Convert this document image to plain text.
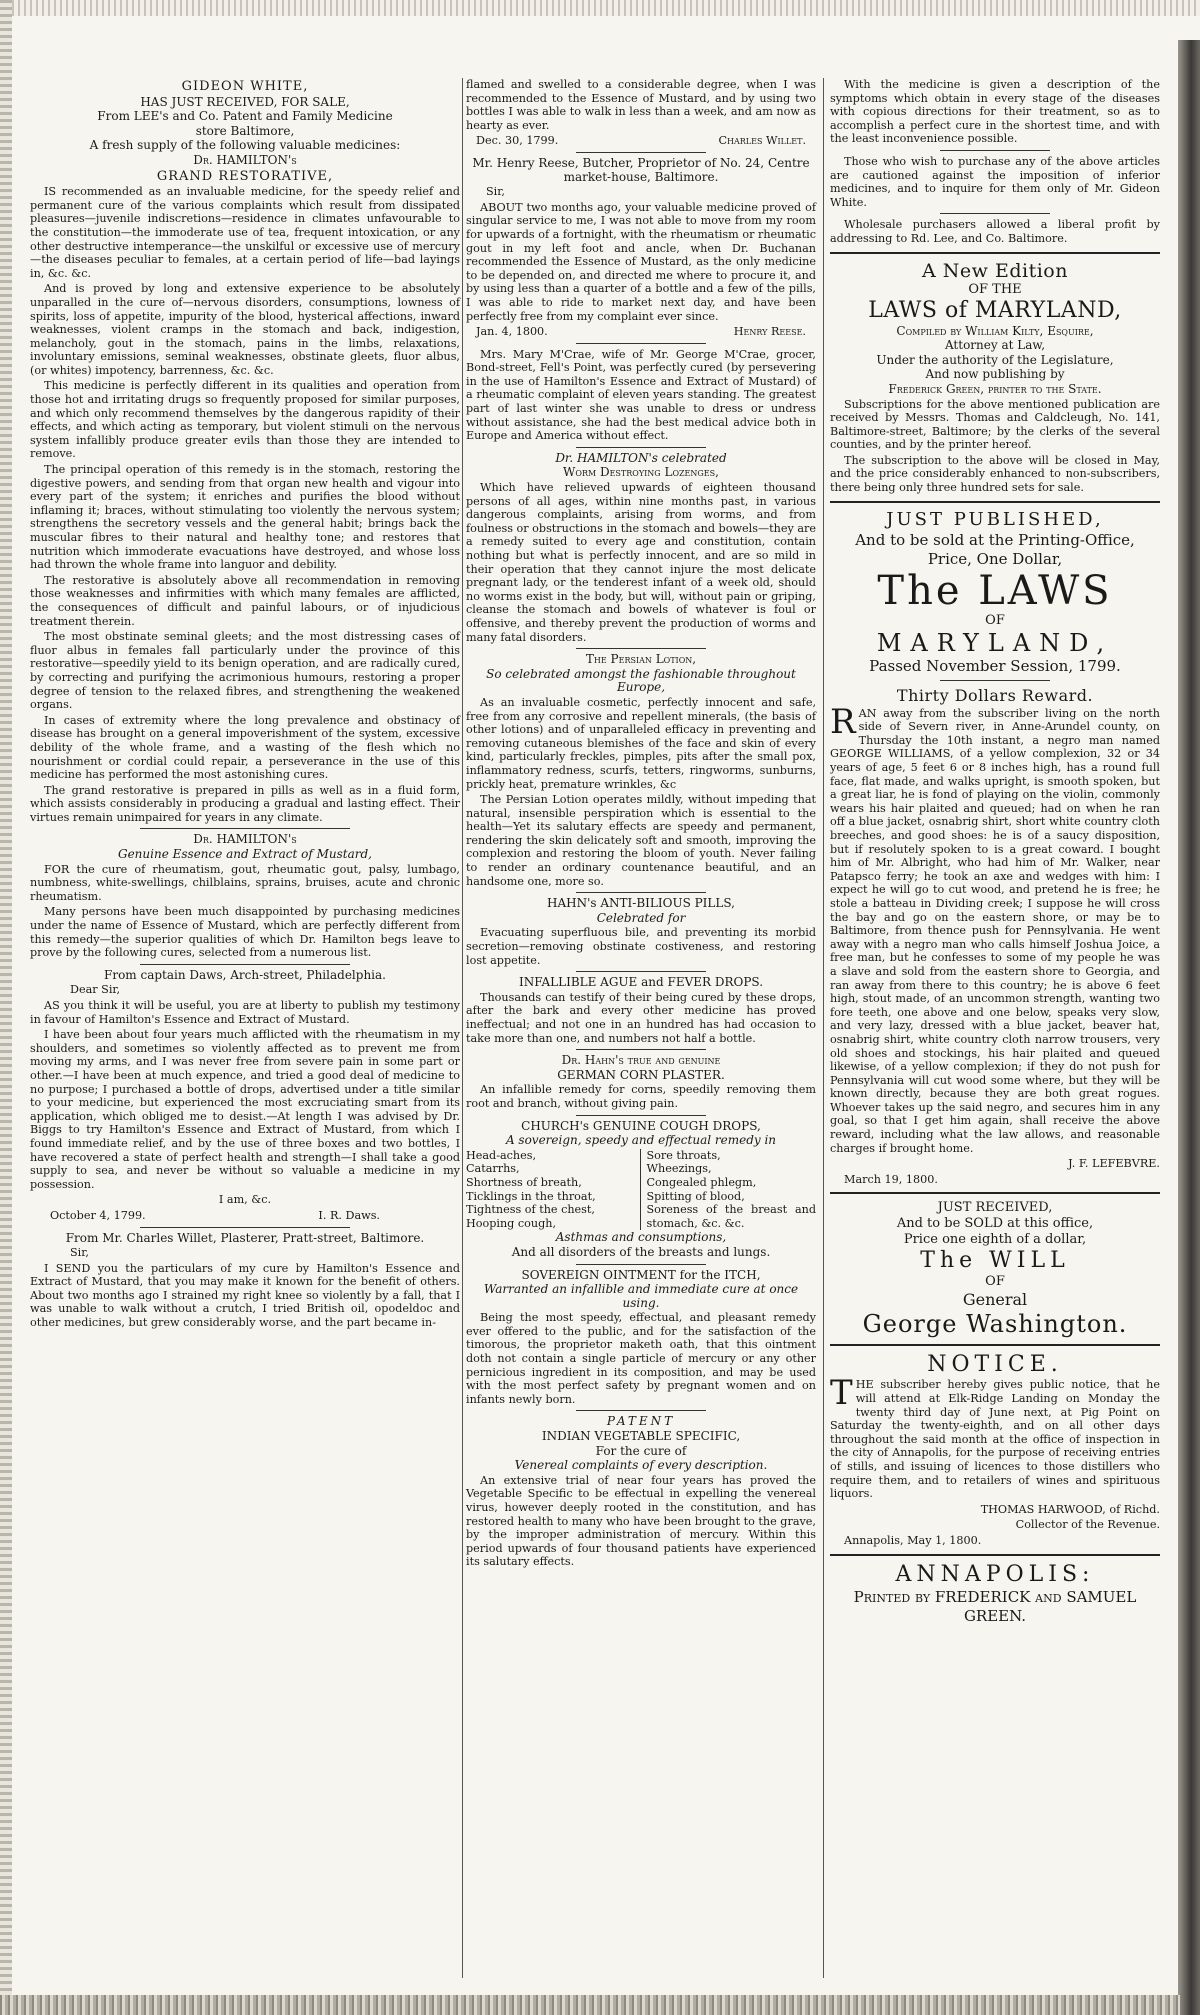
GIDEON WHITE,
HAS JUST RECEIVED, FOR SALE,
From LEE's and Co. Patent and Family Medicine
store Baltimore,
A fresh supply of the following valuable medicines:
Dr. HAMILTON's
GRAND RESTORATIVE,

IS recommended as an invaluable medicine, for the speedy relief and permanent cure of the various complaints which result from dissipated pleasures—juvenile indiscretions—residence in climates unfavourable to the constitution—the immoderate use of tea, frequent intoxication, or any other destructive intemperance—the unskilful or excessive use of mercury—the diseases peculiar to females, at a certain period of life—bad layings in, &c. &c.

And is proved by long and extensive experience to be absolutely unparalled in the cure of—nervous disorders, consumptions, lowness of spirits, loss of appetite, impurity of the blood, hysterical affections, inward weaknesses, violent cramps in the stomach and back, indigestion, melancholy, gout in the stomach, pains in the limbs, relaxations, involuntary emissions, seminal weaknesses, obstinate gleets, fluor albus, (or whites) impotency, barrenness, &c. &c.

This medicine is perfectly different in its qualities and operation from those hot and irritating drugs so frequently proposed for similar purposes, and which only recommend themselves by the dangerous rapidity of their effects, and which acting as temporary, but violent stimuli on the nervous system infallibly produce greater evils than those they are intended to remove.

The principal operation of this remedy is in the stomach, restoring the digestive powers, and sending from that organ new health and vigour into every part of the system; it enriches and purifies the blood without inflaming it; braces, without stimulating too violently the nervous system; strengthens the secretory vessels and the general habit; brings back the muscular fibres to their natural and healthy tone; and restores that nutrition which immoderate evacuations have destroyed, and whose loss had thrown the whole frame into languor and debility.

The restorative is absolutely above all recommendation in removing those weaknesses and infirmities with which many females are afflicted, the consequences of difficult and painful labours, or of injudicious treatment therein.

The most obstinate seminal gleets; and the most distressing cases of fluor albus in females fall particularly under the province of this restorative—speedily yield to its benign operation, and are radically cured, by correcting and purifying the acrimonious humours, restoring a proper degree of tension to the relaxed fibres, and strengthening the weakened organs.

In cases of extremity where the long prevalence and obstinacy of disease has brought on a general impoverishment of the system, excessive debility of the whole frame, and a wasting of the flesh which no nourishment or cordial could repair, a perseverance in the use of this medicine has performed the most astonishing cures.

The grand restorative is prepared in pills as well as in a fluid form, which assists considerably in producing a gradual and lasting effect. Their virtues remain unimpaired for years in any climate.

Dr. HAMILTON's
Genuine Essence and Extract of Mustard,

FOR the cure of rheumatism, gout, rheumatic gout, palsy, lumbago, numbness, white-swellings, chilblains, sprains, bruises, acute and chronic rheumatism.

Many persons have been much disappointed by purchasing medicines under the name of Essence of Mustard, which are perfectly different from this remedy—the superior qualities of which Dr. Hamilton begs leave to prove by the following cures, selected from a numerous list.

From captain Daws, Arch-street, Philadelphia.

Dear Sir,

AS you think it will be useful, you are at liberty to publish my testimony in favour of Hamilton's Essence and Extract of Mustard.

I have been about four years much afflicted with the rheumatism in my shoulders, and sometimes so violently affected as to prevent me from moving my arms, and I was never free from severe pain in some part or other.—I have been at much expence, and tried a good deal of medicine to no purpose; I purchased a bottle of drops, advertised under a title similar to your medicine, but experienced the most excruciating smart from its application, which obliged me to desist.—At length I was advised by Dr. Biggs to try Hamilton's Essence and Extract of Mustard, from which I found immediate relief, and by the use of three boxes and two bottles, I have recovered a state of perfect health and strength—I shall take a good supply to sea, and never be without so valuable a medicine in my possession.

I am, &c.

October 4, 1799.	I. R. Daws.
From Mr. Charles Willet, Plasterer, Pratt-street, Baltimore.

Sir,

I SEND you the particulars of my cure by Hamilton's Essence and Extract of Mustard, that you may make it known for the benefit of others. About two months ago I strained my right knee so violently by a fall, that I was unable to walk without a crutch, I tried British oil, opodeldoc and other medicines, but grew considerably worse, and the part became in-

flamed and swelled to a considerable degree, when I was recommended to the Essence of Mustard, and by using two bottles I was able to walk in less than a week, and am now as hearty as ever.

Dec. 30, 1799.	Charles Willet.
Mr. Henry Reese, Butcher, Proprietor of No. 24, Centre market-house, Baltimore.

Sir,

ABOUT two months ago, your valuable medicine proved of singular service to me, I was not able to move from my room for upwards of a fortnight, with the rheumatism or rheumatic gout in my left foot and ancle, when Dr. Buchanan recommended the Essence of Mustard, as the only medicine to be depended on, and directed me where to procure it, and by using less than a quarter of a bottle and a few of the pills, I was able to ride to market next day, and have been perfectly free from my complaint ever since.

Jan. 4, 1800.	Henry Reese.

Mrs. Mary M'Crae, wife of Mr. George M'Crae, grocer, Bond-street, Fell's Point, was perfectly cured (by persevering in the use of Hamilton's Essence and Extract of Mustard) of a rheumatic complaint of eleven years standing. The greatest part of last winter she was unable to dress or undress without assistance, she had the best medical advice both in Europe and America without effect.

Dr. HAMILTON's celebrated
Worm Destroying Lozenges,

Which have relieved upwards of eighteen thousand persons of all ages, within nine months past, in various dangerous complaints, arising from worms, and from foulness or obstructions in the stomach and bowels—they are a remedy suited to every age and constitution, contain nothing but what is perfectly innocent, and are so mild in their operation that they cannot injure the most delicate pregnant lady, or the tenderest infant of a week old, should no worms exist in the body, but will, without pain or griping, cleanse the stomach and bowels of whatever is foul or offensive, and thereby prevent the production of worms and many fatal disorders.

The Persian Lotion,
So celebrated amongst the fashionable throughout Europe,

As an invaluable cosmetic, perfectly innocent and safe, free from any corrosive and repellent minerals, (the basis of other lotions) and of unparalleled efficacy in preventing and removing cutaneous blemishes of the face and skin of every kind, particularly freckles, pimples, pits after the small pox, inflammatory redness, scurfs, tetters, ringworms, sunburns, prickly heat, premature wrinkles, &c

The Persian Lotion operates mildly, without impeding that natural, insensible perspiration which is essential to the health—Yet its salutary effects are speedy and permanent, rendering the skin delicately soft and smooth, improving the complexion and restoring the bloom of youth. Never failing to render an ordinary countenance beautiful, and an handsome one, more so.

HAHN's ANTI-BILIOUS PILLS,
Celebrated for

Evacuating superfluous bile, and preventing its morbid secretion—removing obstinate costiveness, and restoring lost appetite.

INFALLIBLE AGUE and FEVER DROPS.

Thousands can testify of their being cured by these drops, after the bark and every other medicine has proved ineffectual; and not one in an hundred has had occasion to take more than one, and numbers not half a bottle.

Dr. Hahn's true and genuine
GERMAN CORN PLASTER.

An infallible remedy for corns, speedily removing them root and branch, without giving pain.

CHURCH's GENUINE COUGH DROPS,
A sovereign, speedy and effectual remedy in
Head-aches,
Catarrhs,
Shortness of breath,
Ticklings in the throat,
Tightness of the chest,
Hooping cough,
Sore throats,
Wheezings,
Congealed phlegm,
Spitting of blood,
Soreness of the breast and stomach, &c. &c.
Asthmas and consumptions,
And all disorders of the breasts and lungs.
SOVEREIGN OINTMENT for the ITCH,
Warranted an infallible and immediate cure at once using.

Being the most speedy, effectual, and pleasant remedy ever offered to the public, and for the satisfaction of the timorous, the proprietor maketh oath, that this ointment doth not contain a single particle of mercury or any other pernicious ingredient in its composition, and may be used with the most perfect safety by pregnant women and on infants newly born.

PATENT
INDIAN VEGETABLE SPECIFIC,
For the cure of
Venereal complaints of every description.

An extensive trial of near four years has proved the Vegetable Specific to be effectual in expelling the venereal virus, however deeply rooted in the constitution, and has restored health to many who have been brought to the grave, by the improper administration of mercury. Within this period upwards of four thousand patients have experienced its salutary effects.

With the medicine is given a description of the symptoms which obtain in every stage of the diseases with copious directions for their treatment, so as to accomplish a perfect cure in the shortest time, and with the least inconvenience possible.

Those who wish to purchase any of the above articles are cautioned against the imposition of inferior medicines, and to inquire for them only of Mr. Gideon White.

Wholesale purchasers allowed a liberal profit by addressing to Rd. Lee, and Co. Baltimore.

A New Edition
OF THE
LAWS of MARYLAND,
Compiled by William Kilty, Esquire,
Attorney at Law,
Under the authority of the Legislature,
And now publishing by
Frederick Green, printer to the State.

Subscriptions for the above mentioned publication are received by Messrs. Thomas and Caldcleugh, No. 141, Baltimore-street, Baltimore; by the clerks of the several counties, and by the printer hereof.

The subscription to the above will be closed in May, and the price considerably enhanced to non-subscribers, there being only three hundred sets for sale.

JUST PUBLISHED,
And to be sold at the Printing-Office,
Price, One Dollar,
The LAWS
OF
MARYLAND,
Passed November Session, 1799.
Thirty Dollars Reward.

RAN away from the subscriber living on the north side of Severn river, in Anne-Arundel county, on Thursday the 10th instant, a negro man named GEORGE WILLIAMS, of a yellow complexion, 32 or 34 years of age, 5 feet 6 or 8 inches high, has a round full face, flat made, and walks upright, is smooth spoken, but a great liar, he is fond of playing on the violin, commonly wears his hair plaited and queued; had on when he ran off a blue jacket, osnabrig shirt, short white country cloth breeches, and good shoes: he is of a saucy disposition, but if resolutely spoken to is a great coward. I bought him of Mr. Albright, who had him of Mr. Walker, near Patapsco ferry; he took an axe and wedges with him: I expect he will go to cut wood, and pretend he is free; he stole a batteau in Dividing creek; I suppose he will cross the bay and go on the eastern shore, or may be to Baltimore, from thence push for Pennsylvania. He went away with a negro man who calls himself Joshua Joice, a free man, but he confesses to some of my people he was a slave and sold from the eastern shore to Georgia, and ran away from there to this country; he is above 6 feet high, stout made, of an uncommon strength, wanting two fore teeth, one above and one below, speaks very slow, and very lazy, dressed with a blue jacket, beaver hat, osnabrig shirt, white country cloth narrow trousers, very old shoes and stockings, his hair plaited and queued likewise, of a yellow complexion; if they do not push for Pennsylvania will cut wood some where, but they will be known directly, because they are both great rogues. Whoever takes up the said negro, and secures him in any goal, so that I get him again, shall receive the above reward, including what the law allows, and reasonable charges if brought home.

J. F. LEFEBVRE.

March 19, 1800.

JUST RECEIVED,
And to be SOLD at this office,
Price one eighth of a dollar,
The WILL
OF
General
George Washington.
NOTICE.

THE subscriber hereby gives public notice, that he will attend at Elk-Ridge Landing on Monday the twenty third day of June next, at Pig Point on Saturday the twenty-eighth, and on all other days throughout the said month at the office of inspection in the city of Annapolis, for the purpose of receiving entries of stills, and issuing of licences to those distillers who require them, and to retailers of wines and spirituous liquors.

THOMAS HARWOOD, of Richd.

Collector of the Revenue.

Annapolis, May 1, 1800.

ANNAPOLIS:
Printed by FREDERICK and SAMUEL
GREEN.
